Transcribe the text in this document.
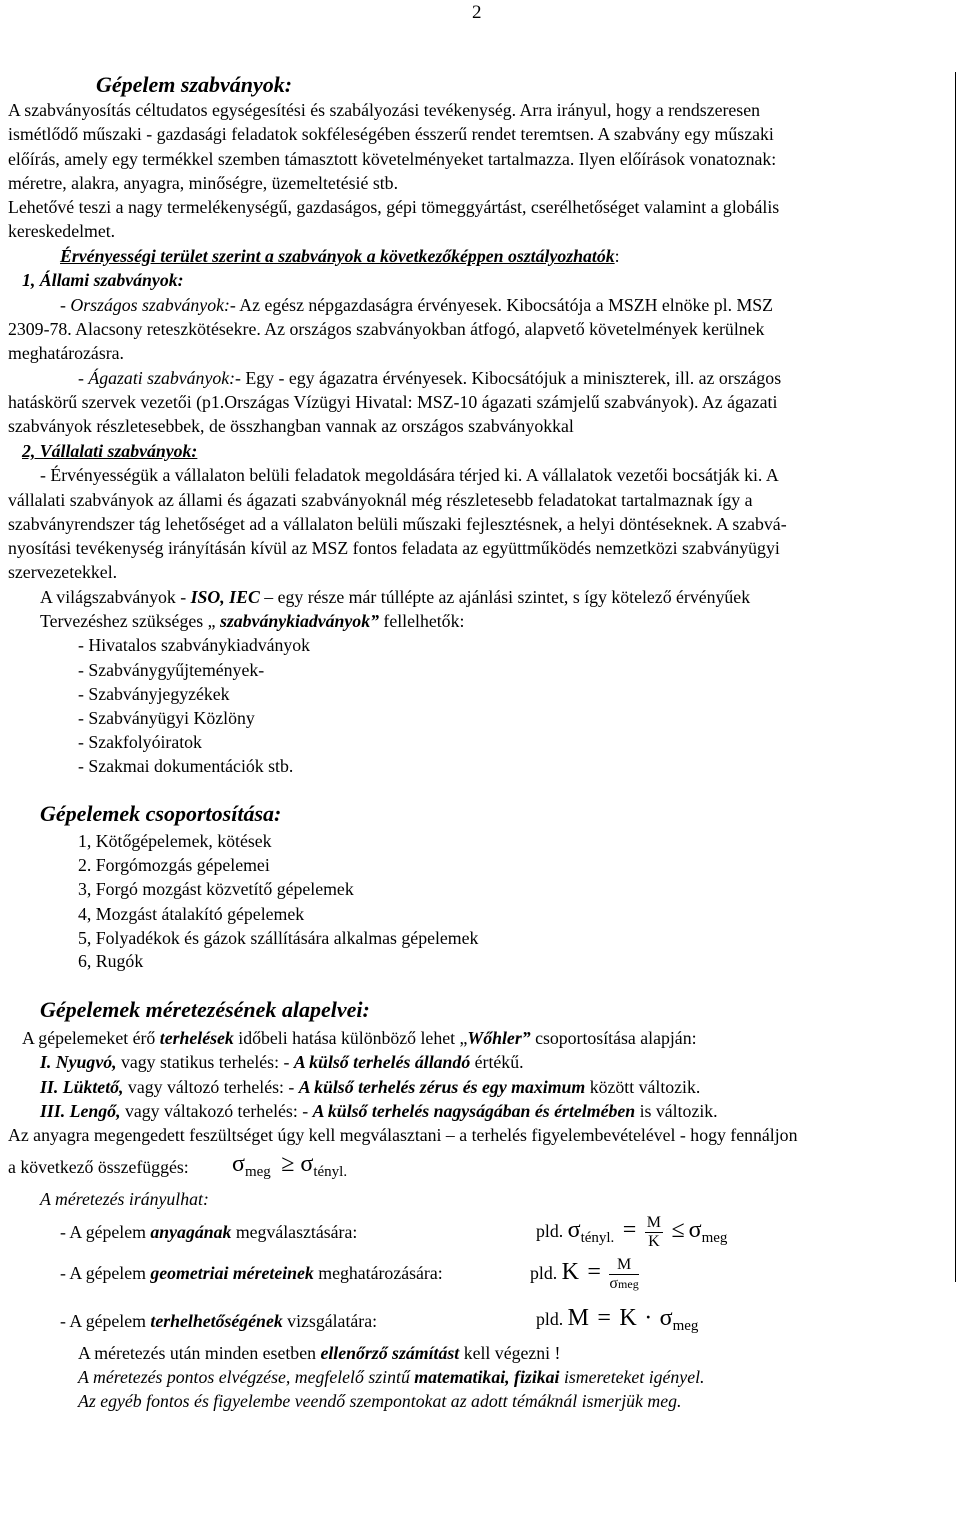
2
Gépelem szabványok:
A szabványosítás céltudatos egységesítési és szabályozási tevékenység. Arra irányul, hogy a rendszeresen
ismétlődő műszaki - gazdasági feladatok sokféleségében ésszerű rendet teremtsen. A szabvány egy műszaki
előírás, amely egy termékkel szemben támasztott követelményeket tartalmazza. Ilyen előírások vonatoznak:
méretre, alakra, anyagra, minőségre, üzemeltetésié stb.
Lehetővé teszi a nagy termelékenységű, gazdaságos, gépi tömeggyártást, cserélhetőséget valamint a globális
kereskedelmet.
Érvényességi terület szerint a szabványok a következőképpen osztályozhatók:
1, Állami szabványok:
- Országos szabványok:- Az egész népgazdaságra érvényesek. Kibocsátója a MSZH elnöke pl. MSZ
2309-78. Alacsony reteszkötésekre. Az országos szabványokban átfogó, alapvető követelmények kerülnek
meghatározásra.
- Ágazati szabványok:- Egy - egy ágazatra érvényesek. Kibocsátójuk a miniszterek, ill. az országos
hatáskörű szervek vezetői (p1.Országas Vízügyi Hivatal: MSZ-10 ágazati számjelű szabványok). Az ágazati
szabványok részletesebbek, de összhangban vannak az országos szabványokkal
2, Vállalati szabványok:
- Érvényességük a vállalaton belüli feladatok megoldására térjed ki. A vállalatok vezetői bocsátják ki. A
vállalati szabványok az állami és ágazati szabványoknál még részletesebb feladatokat tartalmaznak így a
szabványrendszer tág lehetőséget ad a vállalaton belüli műszaki fejlesztésnek, a helyi döntéseknek. A szabvá-
nyosítási tevékenység irányításán kívül az MSZ fontos feladata az együttműködés nemzetközi szabványügyi
szervezetekkel.
A világszabványok - ISO, IEC – egy része már túllépte az ajánlási szintet, s így kötelező érvényűek
Tervezéshez szükséges „ szabványkiadványok” fellelhetők:
- Hivatalos szabványkiadványok
- Szabványgyűjtemények-
- Szabványjegyzékek
- Szabványügyi Közlöny
- Szakfolyóiratok
- Szakmai dokumentációk stb.
Gépelemek csoportosítása:
1, Kötőgépelemek, kötések
2. Forgómozgás gépelemei
3, Forgó mozgást közvetítő gépelemek
4, Mozgást átalakító gépelemek
5, Folyadékok és gázok szállítására alkalmas gépelemek
6, Rugók
Gépelemek méretezésének alapelvei:
A gépelemeket érő terhelések időbeli hatása különböző lehet „Wőhler” csoportosítása alapján:
I. Nyugvó, vagy statikus terhelés: - A külső terhelés állandó értékű.
II. Lüktető, vagy változó terhelés: - A külső terhelés zérus és egy maximum között változik.
III. Lengő, vagy váltakozó terhelés: - A külső terhelés nagyságában és értelmében is változik.
Az anyagra megengedett feszültséget úgy kell megválasztani – a terhelés figyelembevételével - hogy fennáljon
a következő összefüggés: $\sigma_{meg} \ge \sigma_{tényl.}$
A méretezés irányulhat:
- A gépelem anyagának megválasztására:	pld. $\sigma_{tényl.} = \frac{M}{K} \le \sigma_{meg}$
- A gépelem geometriai méreteinek meghatározására:	pld. $K = \frac{M}{\text{σmeg}}$
- A gépelem terhelhetőségének vizsgálatára:	pld. $M = K \cdot \sigma_{meg}$
A méretezés után minden esetben ellenőrző számítást kell végezni !
A méretezés pontos elvégzése, megfelelő szintű matematikai, fizikai ismereteket igényel.
Az egyéb fontos és figyelembe veendő szempontokat az adott témáknál ismerjük meg.
